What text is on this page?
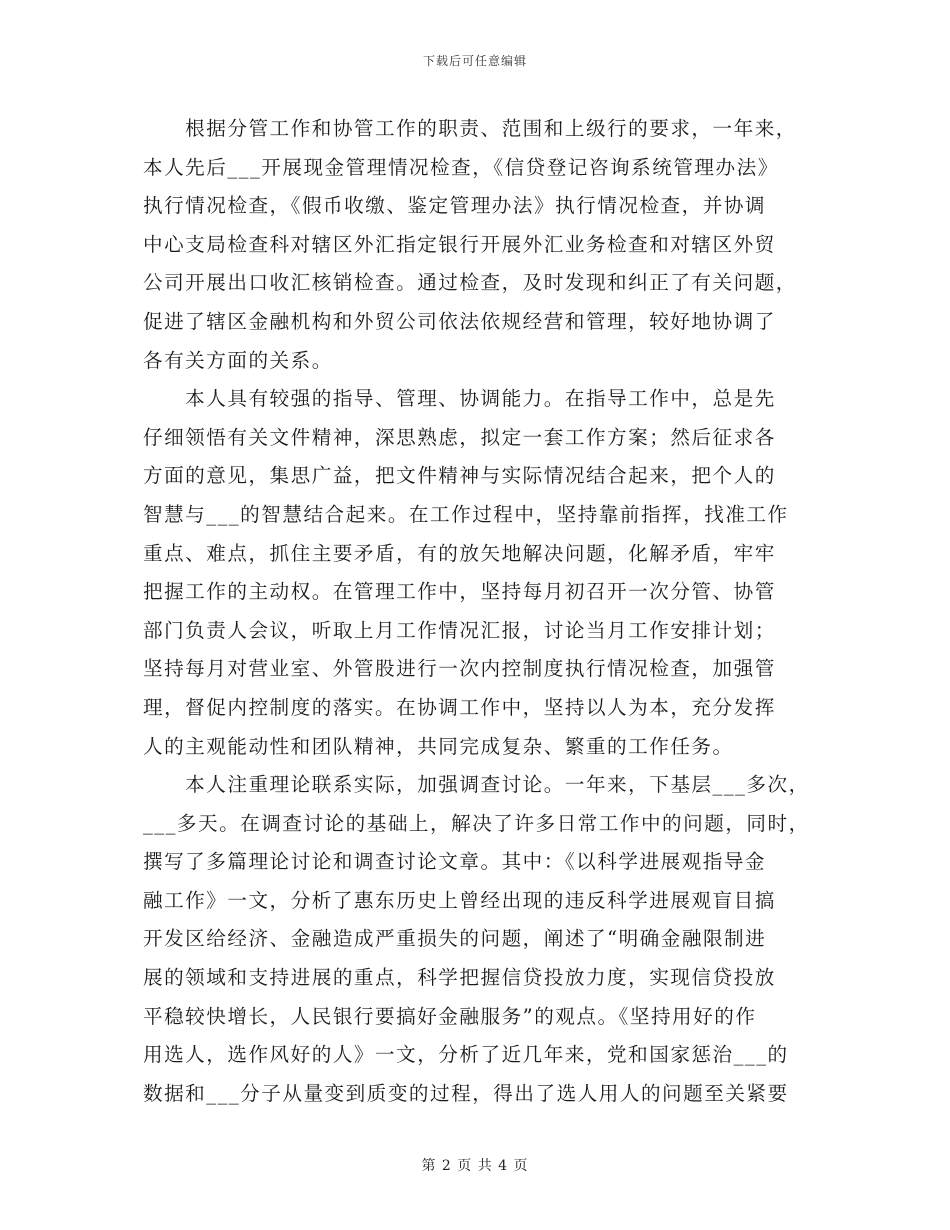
下载后可任意编辑
　　根据分管工作和协管工作的职责、范围和上级行的要求，一年来，
本人先后___开展现金管理情况检查，《信贷登记咨询系统管理办法》
执行情况检查，《假币收缴、鉴定管理办法》执行情况检查，并协调
中心支局检查科对辖区外汇指定银行开展外汇业务检查和对辖区外贸
公司开展出口收汇核销检查。通过检查，及时发现和纠正了有关问题，
促进了辖区金融机构和外贸公司依法依规经营和管理，较好地协调了
各有关方面的关系。
　　本人具有较强的指导、管理、协调能力。在指导工作中，总是先
仔细领悟有关文件精神，深思熟虑，拟定一套工作方案；然后征求各
方面的意见，集思广益，把文件精神与实际情况结合起来，把个人的
智慧与___的智慧结合起来。在工作过程中，坚持靠前指挥，找准工作
重点、难点，抓住主要矛盾，有的放矢地解决问题，化解矛盾，牢牢
把握工作的主动权。在管理工作中，坚持每月初召开一次分管、协管
部门负责人会议，听取上月工作情况汇报，讨论当月工作安排计划；
坚持每月对营业室、外管股进行一次内控制度执行情况检查，加强管
理，督促内控制度的落实。在协调工作中，坚持以人为本，充分发挥
人的主观能动性和团队精神，共同完成复杂、繁重的工作任务。
　　本人注重理论联系实际，加强调查讨论。一年来，下基层___多次，
___多天。在调查讨论的基础上，解决了许多日常工作中的问题，同时，
撰写了多篇理论讨论和调查讨论文章。其中：《以科学进展观指导金
融工作》一文，分析了惠东历史上曾经出现的违反科学进展观盲目搞
开发区给经济、金融造成严重损失的问题，阐述了“明确金融限制进
展的领域和支持进展的重点，科学把握信贷投放力度，实现信贷投放
平稳较快增长，人民银行要搞好金融服务”的观点。《坚持用好的作
用选人，选作风好的人》一文，分析了近几年来，党和国家惩治___的
数据和___分子从量变到质变的过程，得出了选人用人的问题至关紧要
第 2 页 共 4 页
